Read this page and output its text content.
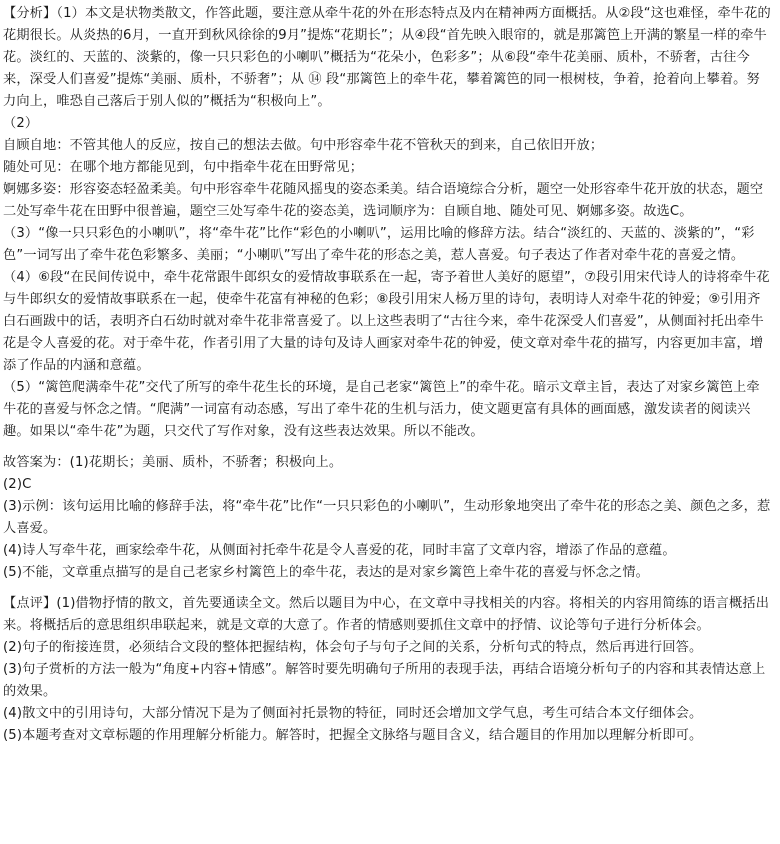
【分析】（1）本文是状物类散文，作答此题，要注意从牵牛花的外在形态特点及内在精神两方面概括。从②段“这也难怪，牵牛花的花期很长。从炎热的6月，一直开到秋风徐徐的9月”提炼“花期长”；从④段“首先映入眼帘的，就是那篱笆上开满的繁星一样的牵牛花。淡红的、天蓝的、淡紫的，像一只只彩色的小喇叭”概括为“花朵小，色彩多”；从⑥段“牵牛花美丽、质朴，不骄奢，古往今来，深受人们喜爱”提炼“美丽、质朴，不骄奢”；从 ⑭ 段“那篱笆上的牵牛花，攀着篱笆的同一根树枝，争着，抢着向上攀着。努力向上，唯恐自己落后于别人似的”概括为“积极向上”。

（2）

自顾自地：不管其他人的反应，按自己的想法去做。句中形容牵牛花不管秋天的到来，自己依旧开放；

随处可见：在哪个地方都能见到，句中指牵牛花在田野常见；

婀娜多姿：形容姿态轻盈柔美。句中形容牵牛花随风摇曳的姿态柔美。结合语境综合分析，题空一处形容牵牛花开放的状态，题空二处写牵牛花在田野中很普遍，题空三处写牵牛花的姿态美，选词顺序为：自顾自地、随处可见、婀娜多姿。故选C。

（3）“像一只只彩色的小喇叭”，将“牵牛花”比作“彩色的小喇叭”，运用比喻的修辞方法。结合“淡红的、天蓝的、淡紫的”，“彩色”一词写出了牵牛花色彩繁多、美丽；“小喇叭”写出了牵牛花的形态之美，惹人喜爱。句子表达了作者对牵牛花的喜爱之情。

（4）⑥段“在民间传说中，牵牛花常跟牛郎织女的爱情故事联系在一起，寄予着世人美好的愿望”，⑦段引用宋代诗人的诗将牵牛花与牛郎织女的爱情故事联系在一起，使牵牛花富有神秘的色彩；⑧段引用宋人杨万里的诗句，表明诗人对牵牛花的钟爱；⑨引用齐白石画跋中的话，表明齐白石幼时就对牵牛花非常喜爱了。以上这些表明了“古往今来，牵牛花深受人们喜爱”，从侧面衬托出牵牛花是令人喜爱的花。对于牵牛花，作者引用了大量的诗句及诗人画家对牵牛花的钟爱，使文章对牵牛花的描写，内容更加丰富，增添了作品的内涵和意蕴。

（5）“篱笆爬满牵牛花”交代了所写的牵牛花生长的环境，是自己老家“篱笆上”的牵牛花。暗示文章主旨，表达了对家乡篱笆上牵牛花的喜爱与怀念之情。“爬满”一词富有动态感，写出了牵牛花的生机与活力，使文题更富有具体的画面感，激发读者的阅读兴趣。如果以“牵牛花”为题，只交代了写作对象，没有这些表达效果。所以不能改。

故答案为：(1)花期长；美丽、质朴，不骄奢；积极向上。

(2)C

(3)示例：该句运用比喻的修辞手法，将“牵牛花”比作“一只只彩色的小喇叭”，生动形象地突出了牵牛花的形态之美、颜色之多，惹人喜爱。

(4)诗人写牵牛花，画家绘牵牛花，从侧面衬托牵牛花是令人喜爱的花，同时丰富了文章内容，增添了作品的意蕴。

(5)不能，文章重点描写的是自己老家乡村篱笆上的牵牛花，表达的是对家乡篱笆上牵牛花的喜爱与怀念之情。

【点评】(1)借物抒情的散文，首先要通读全文。然后以题目为中心，在文章中寻找相关的内容。将相关的内容用简练的语言概括出来。将概括后的意思组织串联起来，就是文章的大意了。作者的情感则要抓住文章中的抒情、议论等句子进行分析体会。

(2)句子的衔接连贯，必须结合文段的整体把握结构，体会句子与句子之间的关系，分析句式的特点，然后再进行回答。

(3)句子赏析的方法一般为“角度+内容+情感”。解答时要先明确句子所用的表现手法，再结合语境分析句子的内容和其表情达意上的效果。

(4)散文中的引用诗句，大部分情况下是为了侧面衬托景物的特征，同时还会增加文学气息，考生可结合本文仔细体会。

(5)本题考查对文章标题的作用理解分析能力。解答时，把握全文脉络与题目含义，结合题目的作用加以理解分析即可。
